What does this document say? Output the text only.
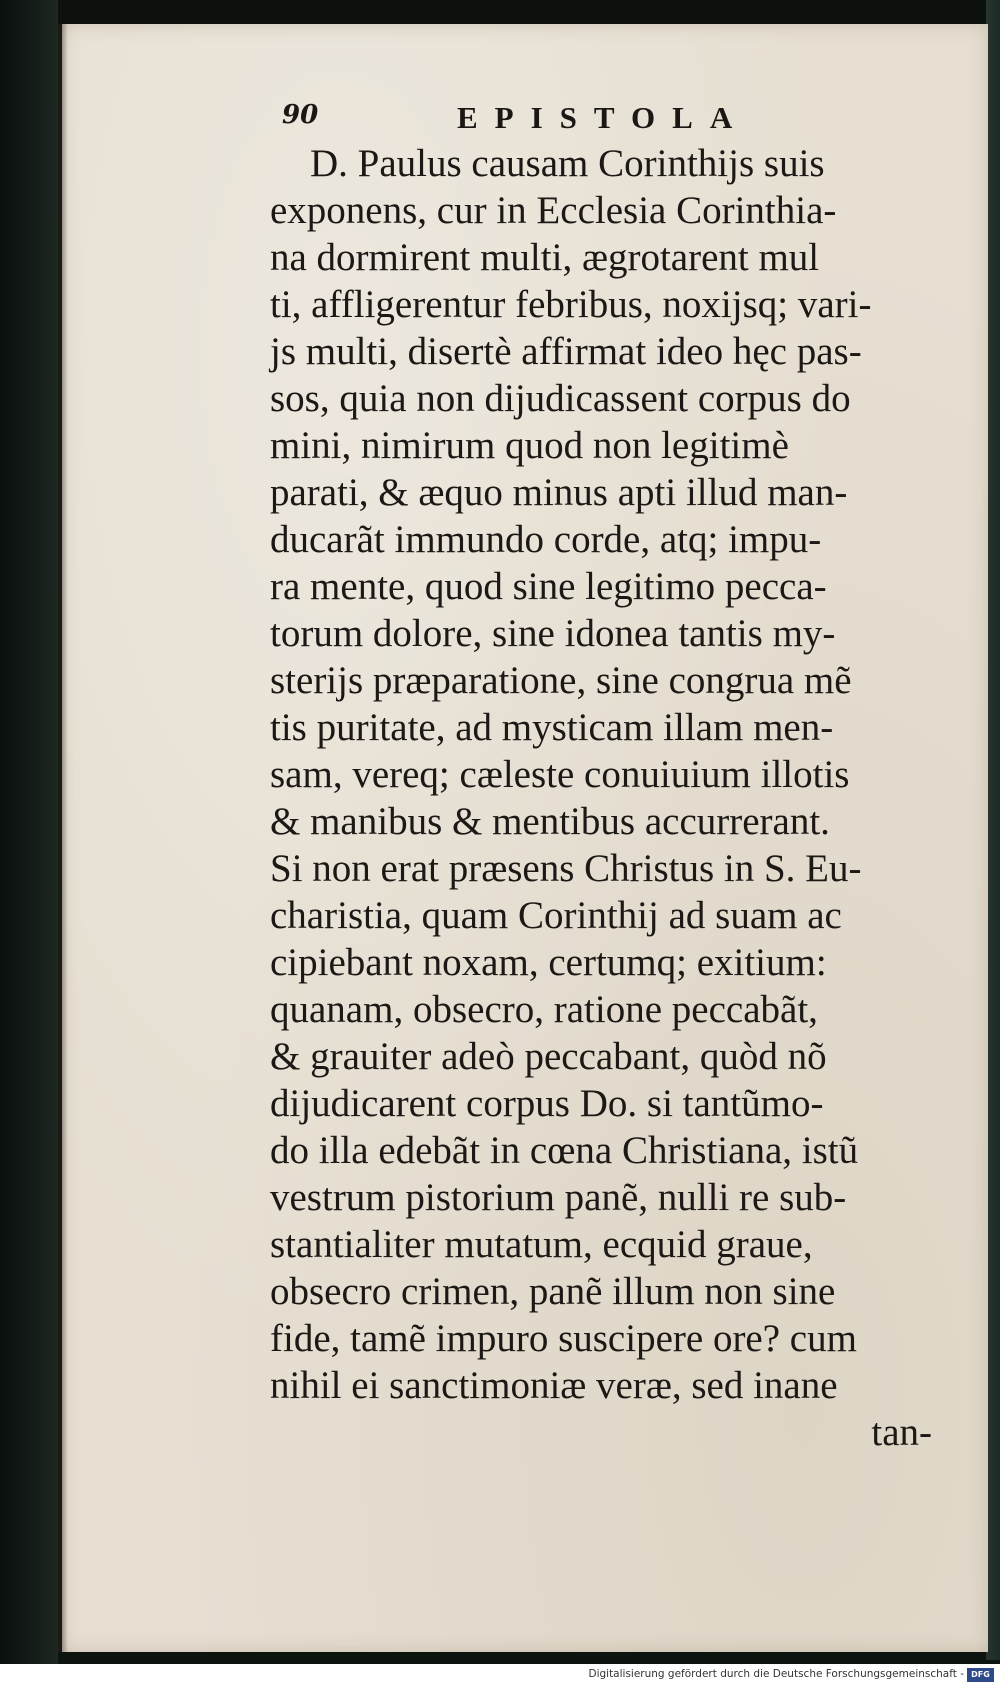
90	EPISTOLA
D. Paulus causam Corinthijs suis
exponens, cur in Ecclesia Corinthia-
na dormirent multi, ægrotarent mul
ti, affligerentur febribus, noxijsq; vari-
js multi, disertè affirmat ideo hęc pas-
sos, quia non dijudicassent corpus do
mini, nimirum quod non legitimè
parati, & æquo minus apti illud man-
ducarãt immundo corde, atq; impu-
ra mente, quod sine legitimo pecca-
torum dolore, sine idonea tantis my-
sterijs præparatione, sine congrua mẽ
tis puritate, ad mysticam illam men-
sam, vereq; cæleste conuiuium illotis
& manibus & mentibus accurrerant.
Si non erat præsens Christus in S. Eu-
charistia, quam Corinthij ad suam ac
cipiebant noxam, certumq; exitium:
quanam, obsecro, ratione peccabãt,
& grauiter adeò peccabant, quòd nõ
dijudicarent corpus Do. si tantũmo-
do illa edebãt in cœna Christiana, istũ
vestrum pistorium panẽ, nulli re sub-
stantialiter mutatum, ecquid graue,
obsecro crimen, panẽ illum non sine
fide, tamẽ impuro suscipere ore? cum
nihil ei sanctimoniæ veræ, sed inane
tan-
Digitalisierung gefördert durch die Deutsche Forschungsgemeinschaft - DFG
